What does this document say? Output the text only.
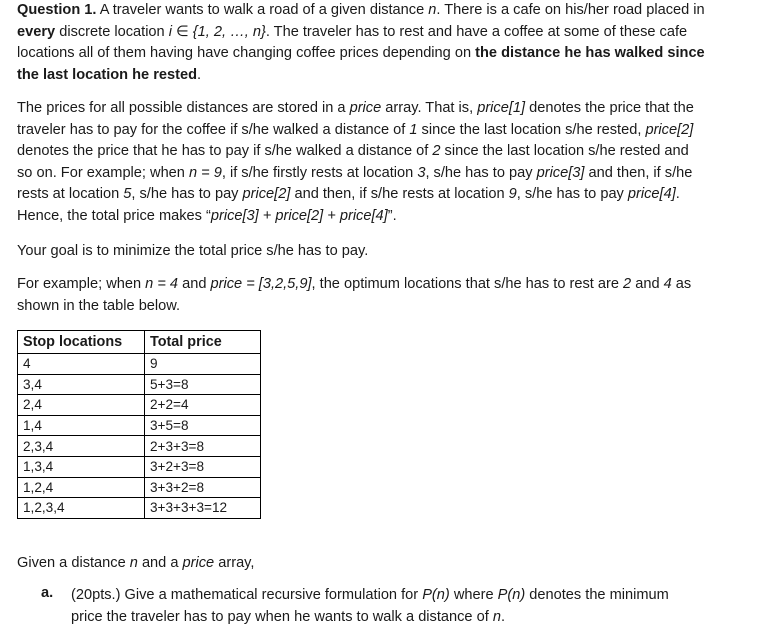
Question 1. A traveler wants to walk a road of a given distance n. There is a cafe on his/her road placed in every discrete location i ∈ {1, 2, …, n}. The traveler has to rest and have a coffee at some of these cafe locations all of them having have changing coffee prices depending on the distance he has walked since the last location he rested.

The prices for all possible distances are stored in a price array. That is, price[1] denotes the price that the traveler has to pay for the coffee if s/he walked a distance of 1 since the last location s/he rested, price[2] denotes the price that he has to pay if s/he walked a distance of 2 since the last location s/he rested and so on. For example; when n = 9, if s/he firstly rests at location 3, s/he has to pay price[3] and then, if s/he rests at location 5, s/he has to pay price[2] and then, if s/he rests at location 9, s/he has to pay price[4]. Hence, the total price makes “price[3] + price[2] + price[4]”.

Your goal is to minimize the total price s/he has to pay.

For example; when n = 4 and price = [3,2,5,9], the optimum locations that s/he has to rest are 2 and 4 as shown in the table below.

Stop locations	Total price
4	9
3,4	5+3=8
2,4	2+2=4
1,4	3+5=8
2,3,4	2+3+3=8
1,3,4	3+2+3=8
1,2,4	3+3+2=8
1,2,3,4	3+3+3+3=12

Given a distance n and a price array,

a. (20pts.) Give a mathematical recursive formulation for P(n) where P(n) denotes the minimum price the traveler has to pay when he wants to walk a distance of n.
